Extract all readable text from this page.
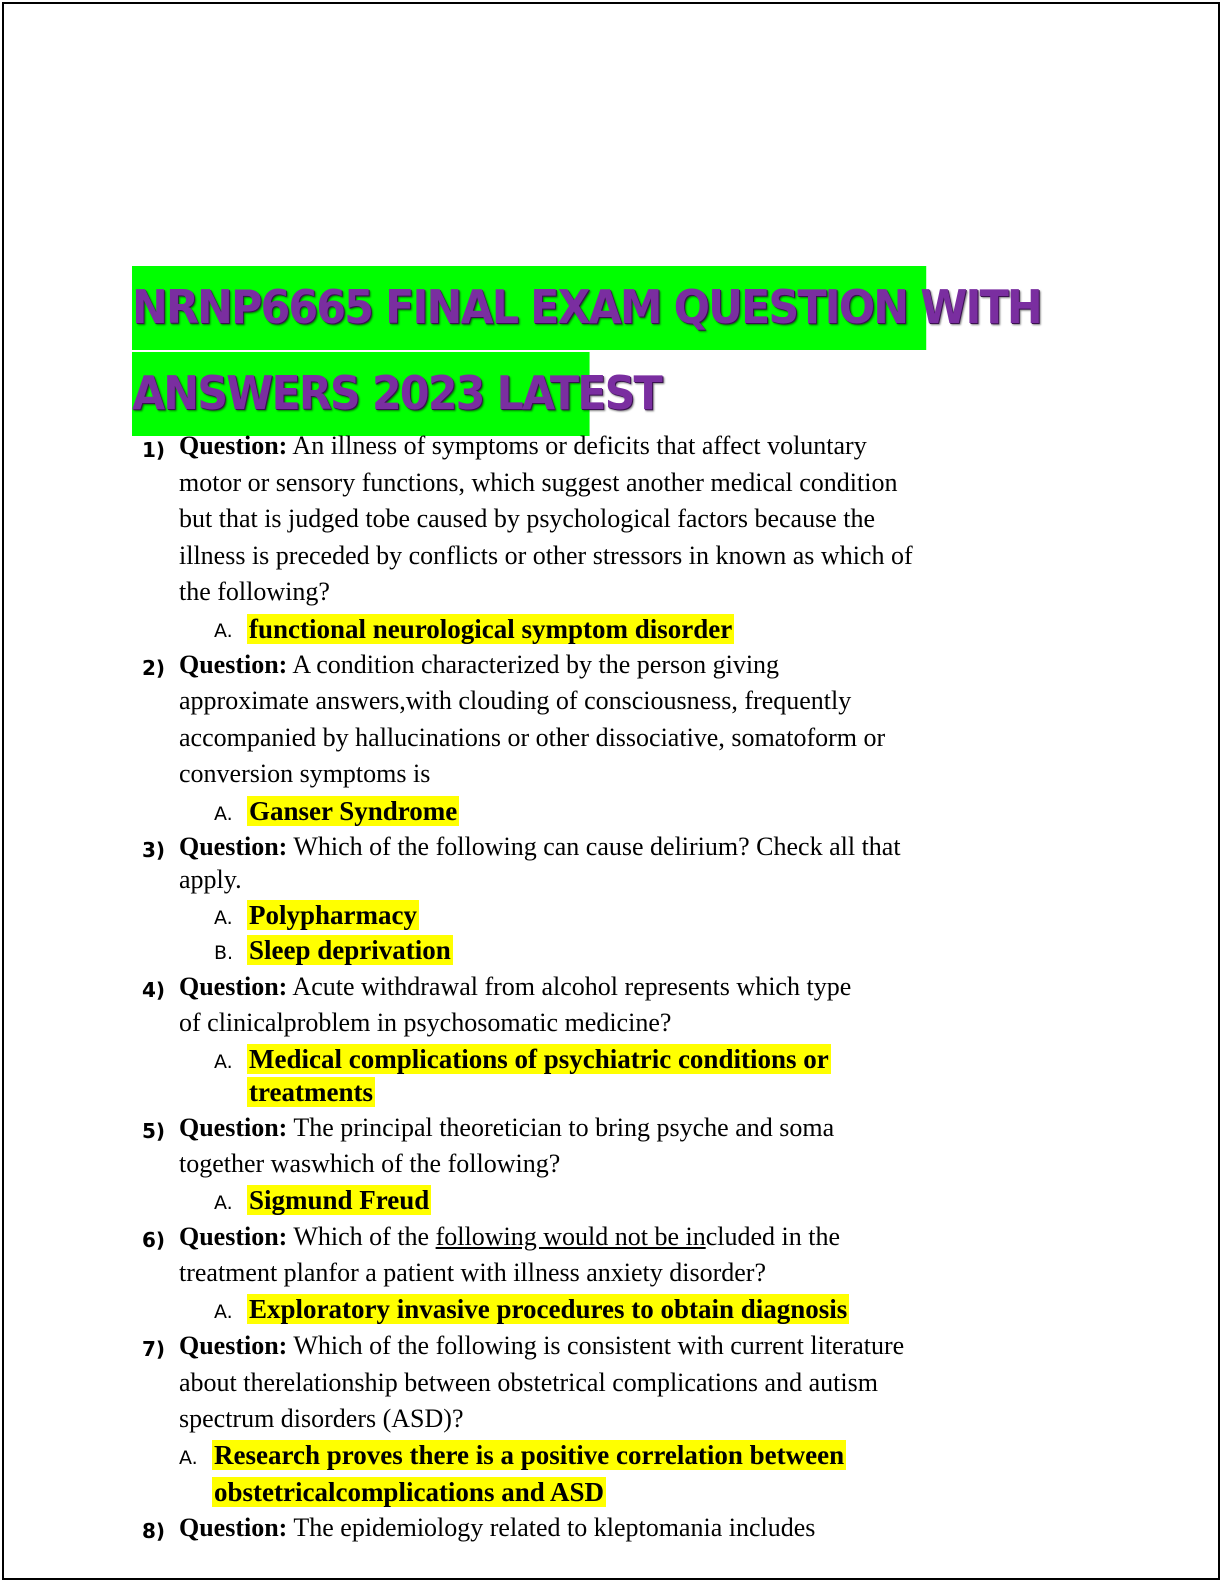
NRNP6665 FINAL EXAM QUESTION WITH
ANSWERS 2023 LATEST
1) Question: An illness of symptoms or deficits that affect voluntary
motor or sensory functions, which suggest another medical condition
but that is judged tobe caused by psychological factors because the
illness is preceded by conflicts or other stressors in known as which of
the following?
A. functional neurological symptom disorder
2) Question: A condition characterized by the person giving
approximate answers,with clouding of consciousness, frequently
accompanied by hallucinations or other dissociative, somatoform or
conversion symptoms is
A. Ganser Syndrome
3) Question: Which of the following can cause delirium? Check all that
apply.
A. Polypharmacy
B. Sleep deprivation
4) Question: Acute withdrawal from alcohol represents which type
of clinicalproblem in psychosomatic medicine?
A. Medical complications of psychiatric conditions or
treatments
5) Question: The principal theoretician to bring psyche and soma
together waswhich of the following?
A. Sigmund Freud
6) Question: Which of the following would not be included in the
treatment planfor a patient with illness anxiety disorder?
A. Exploratory invasive procedures to obtain diagnosis
7) Question: Which of the following is consistent with current literature
about therelationship between obstetrical complications and autism
spectrum disorders (ASD)?
A. Research proves there is a positive correlation between
obstetricalcomplications and ASD
8) Question: The epidemiology related to kleptomania includes
